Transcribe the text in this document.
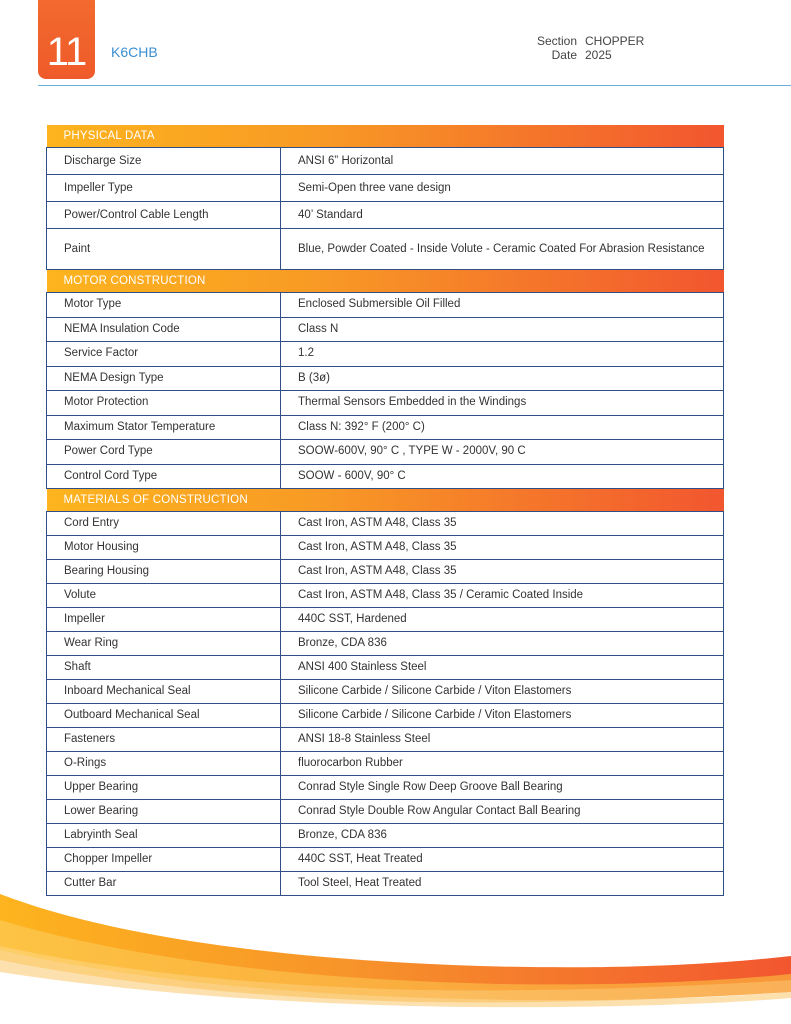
11 K6CHB
Section CHOPPER
Date 2025
PHYSICAL DATA	
Discharge Size	ANSI 6” Horizontal
Impeller Type	Semi-Open three vane design
Power/Control Cable Length	40’ Standard
Paint	Blue, Powder Coated - Inside Volute - Ceramic Coated For Abrasion Resistance
MOTOR CONSTRUCTION	
Motor Type	Enclosed Submersible Oil Filled
NEMA Insulation Code	Class N
Service Factor	1.2
NEMA Design Type	B (3ø)
Motor Protection	Thermal Sensors Embedded in the Windings
Maximum Stator Temperature	Class N: 392° F (200° C)
Power Cord Type	SOOW-600V, 90° C , TYPE W - 2000V, 90 C
Control Cord Type	SOOW - 600V, 90° C
MATERIALS OF CONSTRUCTION	
Cord Entry	Cast Iron, ASTM A48, Class 35
Motor Housing	Cast Iron, ASTM A48, Class 35
Bearing Housing	Cast Iron, ASTM A48, Class 35
Volute	Cast Iron, ASTM A48, Class 35 / Ceramic Coated Inside
Impeller	440C SST, Hardened
Wear Ring	Bronze, CDA 836
Shaft	ANSI 400 Stainless Steel
Inboard Mechanical Seal	Silicone Carbide / Silicone Carbide / Viton Elastomers
Outboard Mechanical Seal	Silicone Carbide / Silicone Carbide / Viton Elastomers
Fasteners	ANSI 18-8 Stainless Steel
O-Rings	fluorocarbon Rubber
Upper Bearing	Conrad Style Single Row Deep Groove Ball Bearing
Lower Bearing	Conrad Style Double Row Angular Contact Ball Bearing
Labryinth Seal	Bronze, CDA 836
Chopper Impeller	440C SST, Heat Treated
Cutter Bar	Tool Steel, Heat Treated
